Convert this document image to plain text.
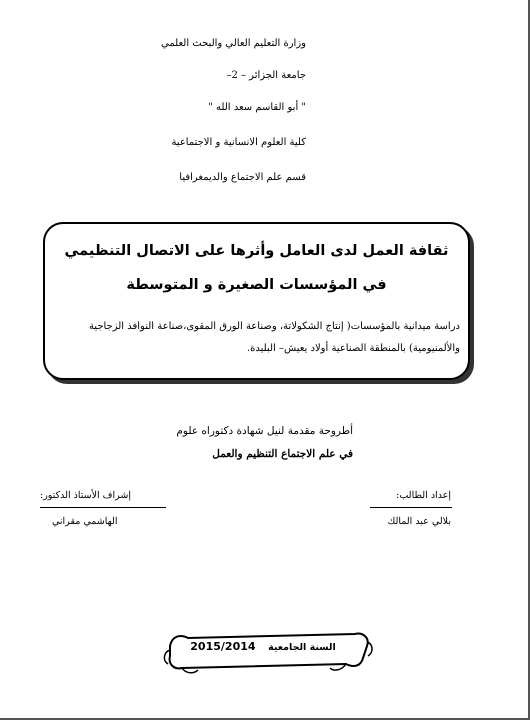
وزارة التعليم العالي والبحث العلمي
جامعة الجزائر – 2–
" أبو القاسم سعد الله "
كلية العلوم الانسانية و الاجتماعية
قسم علم الاجتماع والديمغرافيا
ثقافة العمل لدى العامل وأثرها على الاتصال التنظيمي في المؤسسات الصغيرة و المتوسطة
دراسة ميدانية بالمؤسسات( إنتاج الشكولاتة، وصناعة الورق المقوى،صناعة النوافذ الزجاجية والألمنيومية) بالمنطقة الصناعية أولاد يعيش– البليدة.
أطروحة مقدمة لنيل شهادة دكتوراه علوم
في علم الاجتماع التنظيم والعمل
إعداد الطالب:
بلالي عبد المالك
إشراف الأستاذ الدكتور:
الهاشمي مقراني
السنة الجامعية  2015/2014
